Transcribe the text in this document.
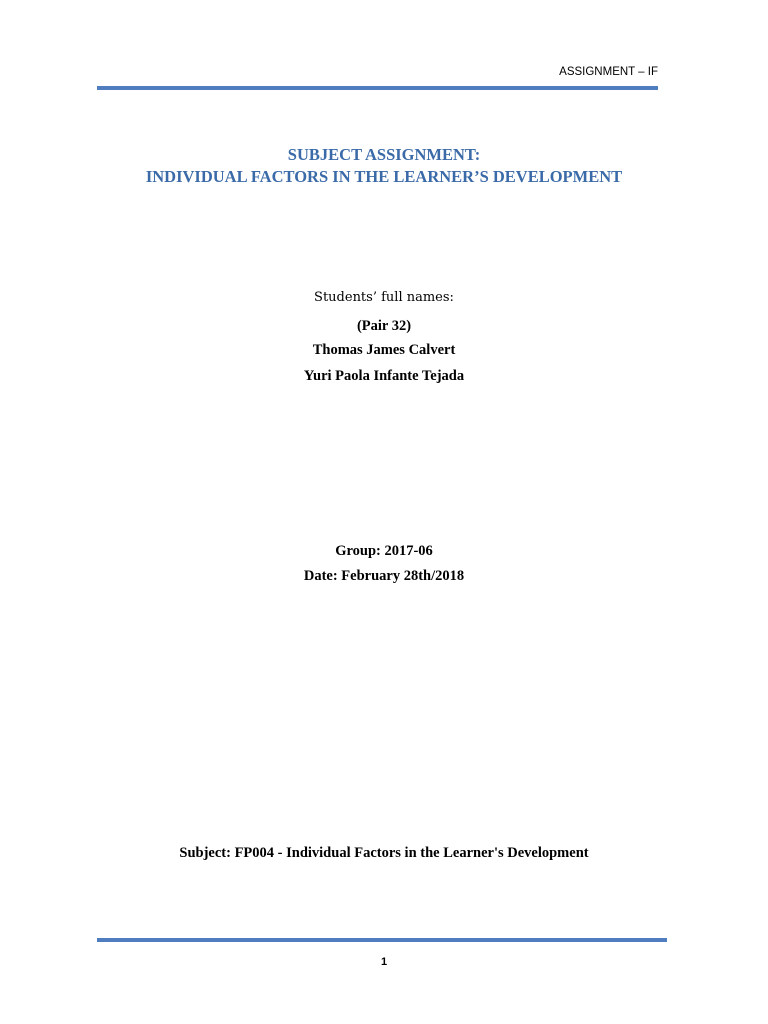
ASSIGNMENT – IF
SUBJECT ASSIGNMENT:
INDIVIDUAL FACTORS IN THE LEARNER’S DEVELOPMENT
Students’ full names:
(Pair 32)
Thomas James Calvert
Yuri Paola Infante Tejada
Group: 2017-06
Date: February 28th/2018
Subject: FP004 - Individual Factors in the Learner's Development
1
